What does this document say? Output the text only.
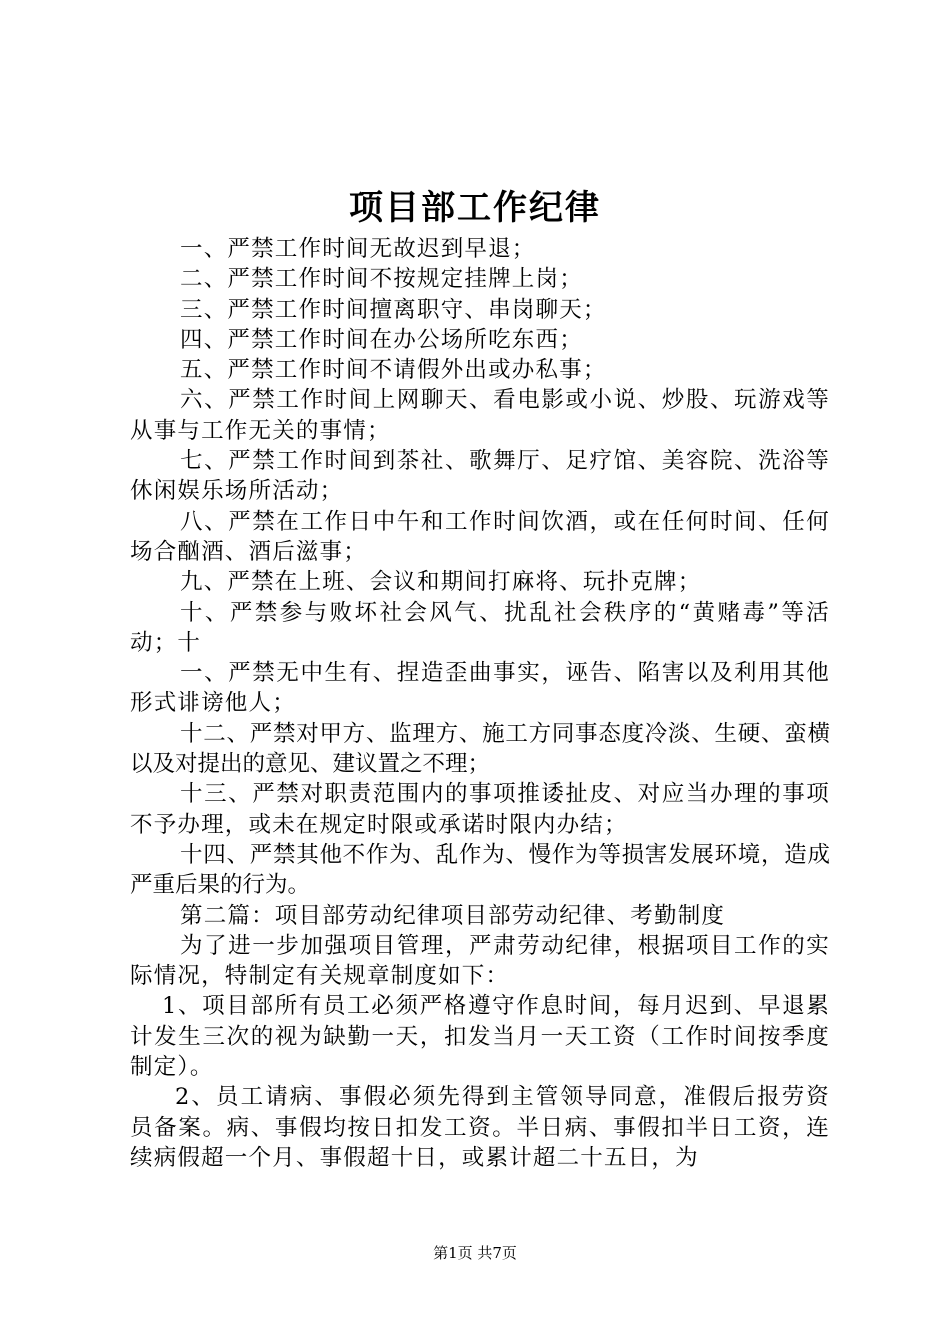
项目部工作纪律

一、严禁工作时间无故迟到早退；

二、严禁工作时间不按规定挂牌上岗；

三、严禁工作时间擅离职守、串岗聊天；

四、严禁工作时间在办公场所吃东西；

五、严禁工作时间不请假外出或办私事；

六、严禁工作时间上网聊天、看电影或小说、炒股、玩游戏等从事与工作无关的事情；

七、严禁工作时间到茶社、歌舞厅、足疗馆、美容院、洗浴等休闲娱乐场所活动；

八、严禁在工作日中午和工作时间饮酒，或在任何时间、任何场合酗酒、酒后滋事；

九、严禁在上班、会议和期间打麻将、玩扑克牌；

十、严禁参与败坏社会风气、扰乱社会秩序的“黄赌毒”等活动；十

一、严禁无中生有、捏造歪曲事实，诬告、陷害以及利用其他形式诽谤他人；

十二、严禁对甲方、监理方、施工方同事态度冷淡、生硬、蛮横以及对提出的意见、建议置之不理；

十三、严禁对职责范围内的事项推诿扯皮、对应当办理的事项不予办理，或未在规定时限或承诺时限内办结；

十四、严禁其他不作为、乱作为、慢作为等损害发展环境，造成严重后果的行为。

第二篇：项目部劳动纪律项目部劳动纪律、考勤制度

为了进一步加强项目管理，严肃劳动纪律，根据项目工作的实际情况，特制定有关规章制度如下：

1、项目部所有员工必须严格遵守作息时间，每月迟到、早退累计发生三次的视为缺勤一天，扣发当月一天工资（工作时间按季度制定）。

2、员工请病、事假必须先得到主管领导同意，准假后报劳资员备案。病、事假均按日扣发工资。半日病、事假扣半日工资，连续病假超一个月、事假超十日，或累计超二十五日，为

第1页 共7页
